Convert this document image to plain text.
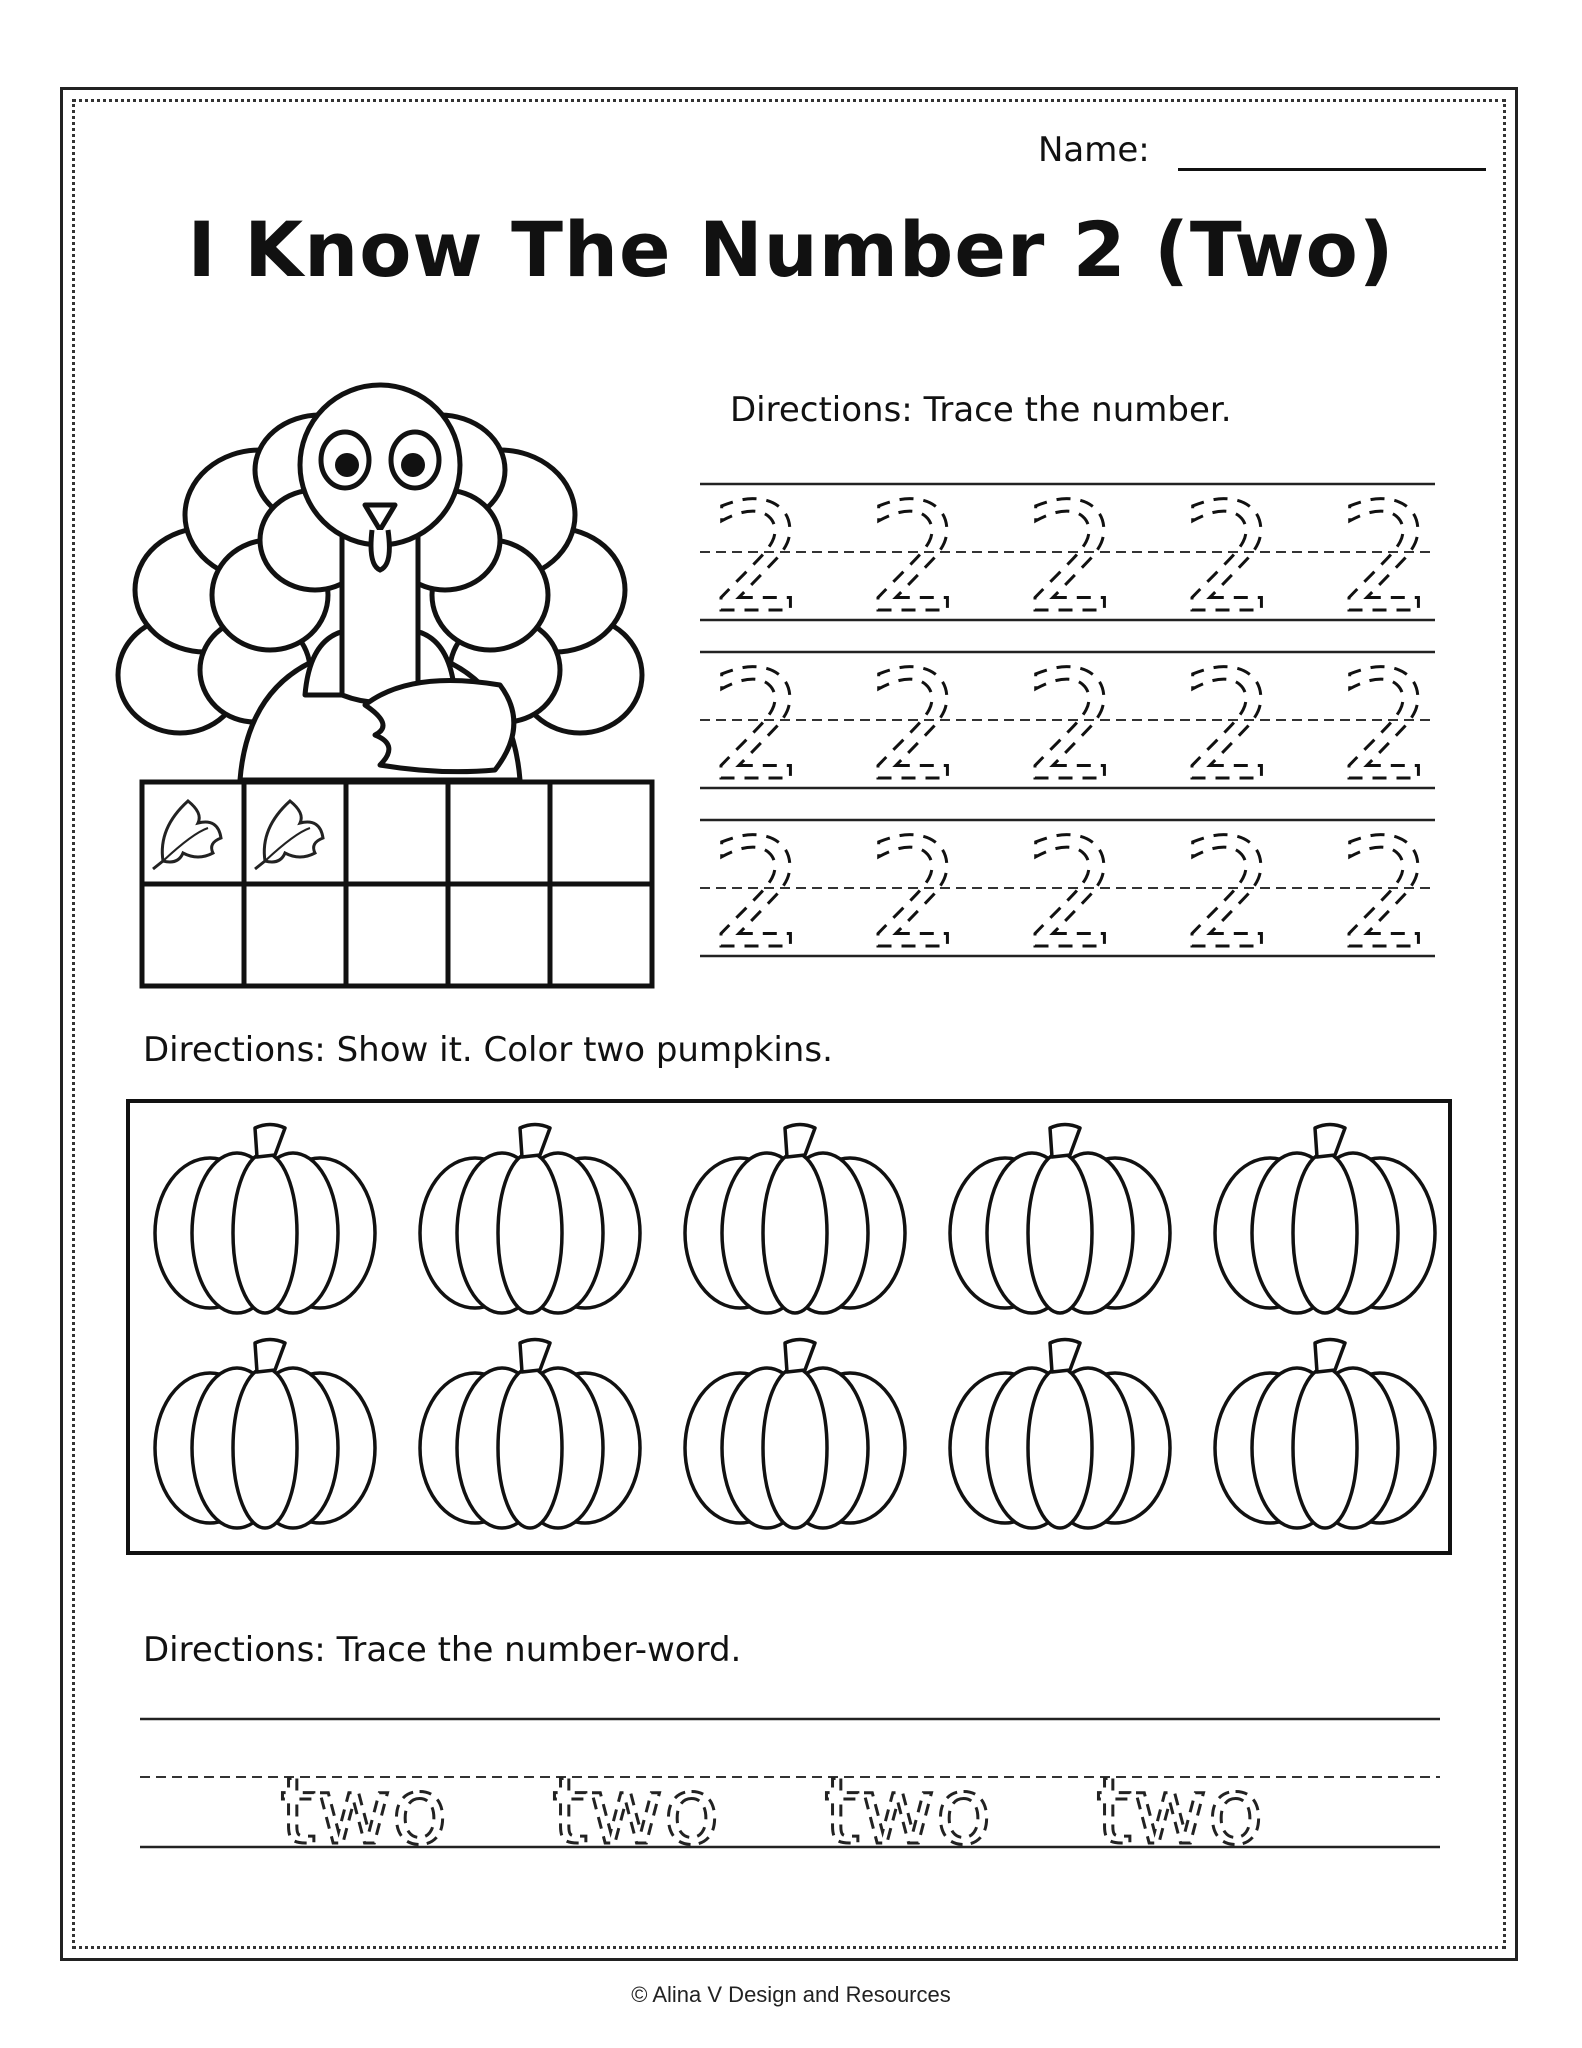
Name:
I Know The Number 2 (Two)
Directions: Trace the number.
2 2 2 2 2
2 2 2 2 2
2 2 2 2 2
Directions: Show it. Color two pumpkins.
Directions: Trace the number-word.
two two two two
© Alina V Design and Resources
